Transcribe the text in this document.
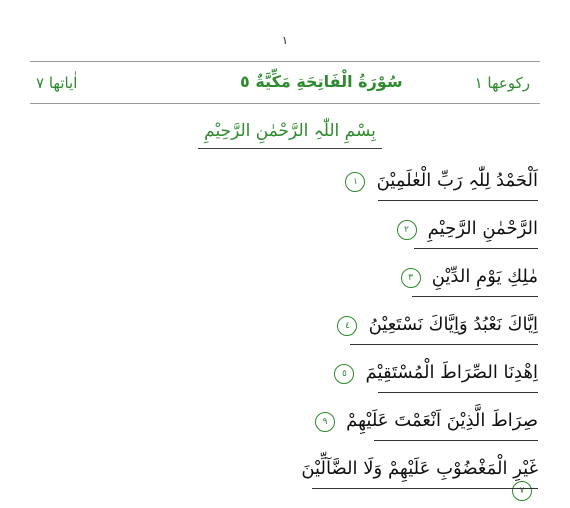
١
رکوعھا ١
سُوْرَةُ الْفَاتِحَةِ مَكِّيَّةٌ ٥
اٰیاتھا ٧
بِسْمِ اللّٰہِ الرَّحْمٰنِ الرَّحِیْمِ
اَلْحَمْدُ لِلّٰہِ رَبِّ الْعٰلَمِیْنَ ١
الرَّحْمٰنِ الرَّحِیْمِ ٢
مٰلِكِ یَوْمِ الدِّیْنِ ٣
اِیَّاكَ نَعْبُدُ وَاِیَّاكَ نَسْتَعِیْنُ ٤
اِھْدِنَا الصِّرَاطَ الْمُسْتَقِیْمَ ٥
صِرَاطَ الَّذِیْنَ اَنْعَمْتَ عَلَیْھِمْ ۹
غَیْرِ الْمَغْضُوْبِ عَلَیْھِمْ وَلَا الضَّآلِّیْنَ ٧
